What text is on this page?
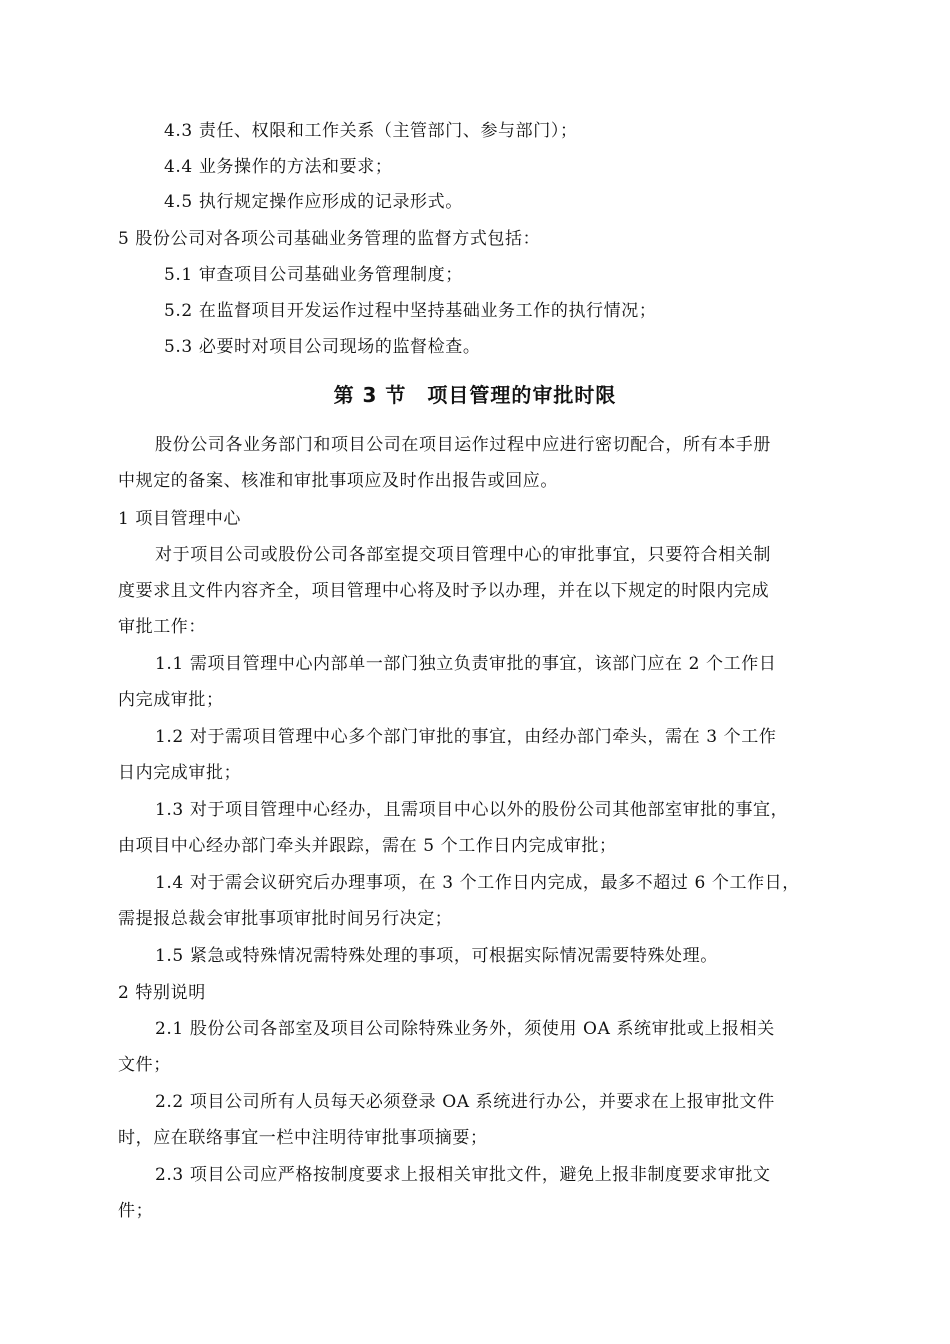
4.3 责任、权限和工作关系（主管部门、参与部门）；
4.4 业务操作的方法和要求；
4.5 执行规定操作应形成的记录形式。
5 股份公司对各项公司基础业务管理的监督方式包括：
5.1 审查项目公司基础业务管理制度；
5.2 在监督项目开发运作过程中坚持基础业务工作的执行情况；
5.3 必要时对项目公司现场的监督检查。
第 3 节　项目管理的审批时限
股份公司各业务部门和项目公司在项目运作过程中应进行密切配合，所有本手册
中规定的备案、核准和审批事项应及时作出报告或回应。
1 项目管理中心
对于项目公司或股份公司各部室提交项目管理中心的审批事宜，只要符合相关制
度要求且文件内容齐全，项目管理中心将及时予以办理，并在以下规定的时限内完成
审批工作：
1.1 需项目管理中心内部单一部门独立负责审批的事宜，该部门应在 2 个工作日
内完成审批；
1.2 对于需项目管理中心多个部门审批的事宜，由经办部门牵头，需在 3 个工作
日内完成审批；
1.3 对于项目管理中心经办，且需项目中心以外的股份公司其他部室审批的事宜，
由项目中心经办部门牵头并跟踪，需在 5 个工作日内完成审批；
1.4 对于需会议研究后办理事项，在 3 个工作日内完成，最多不超过 6 个工作日，
需提报总裁会审批事项审批时间另行决定；
1.5 紧急或特殊情况需特殊处理的事项，可根据实际情况需要特殊处理。
2 特别说明
2.1 股份公司各部室及项目公司除特殊业务外，须使用 OA 系统审批或上报相关
文件；
2.2 项目公司所有人员每天必须登录 OA 系统进行办公，并要求在上报审批文件
时，应在联络事宜一栏中注明待审批事项摘要；
2.3 项目公司应严格按制度要求上报相关审批文件，避免上报非制度要求审批文
件；
